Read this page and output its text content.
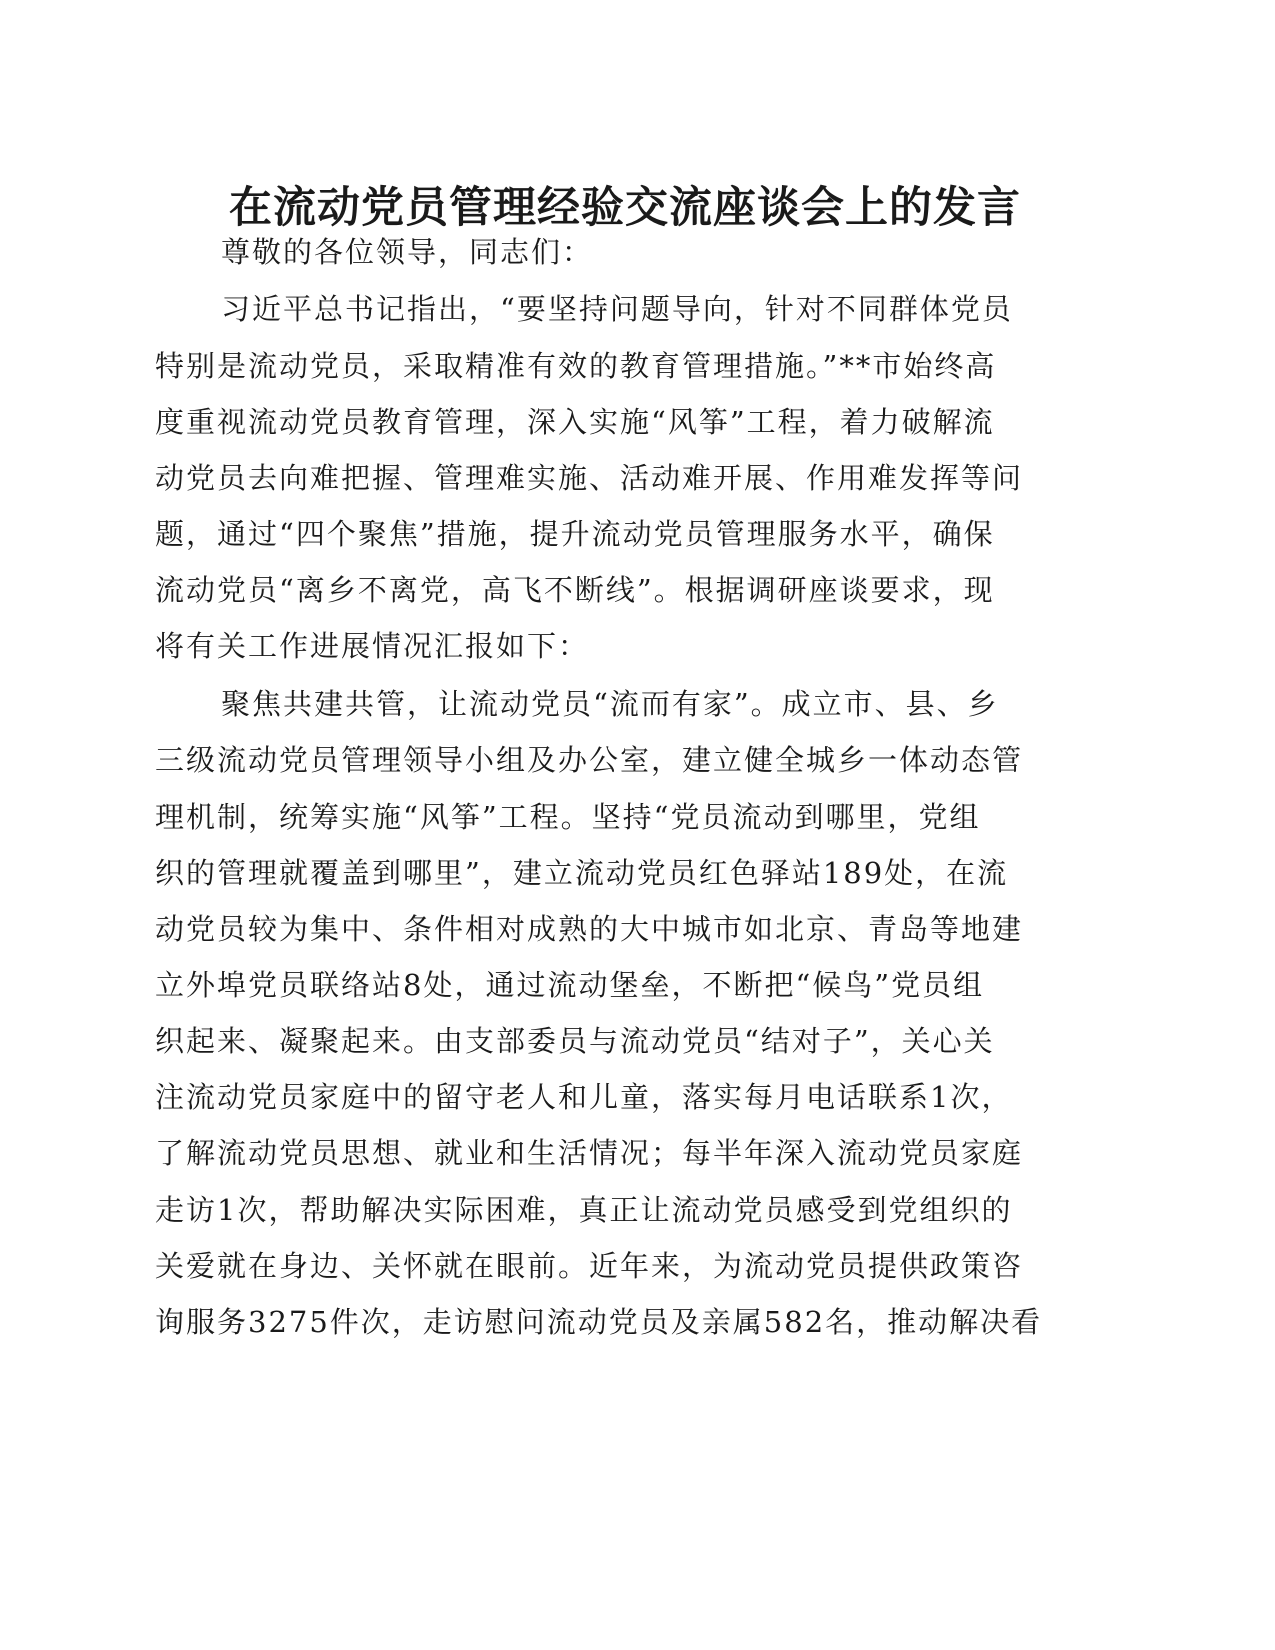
在流动党员管理经验交流座谈会上的发言
尊敬的各位领导，同志们：
习近平总书记指出，“要坚持问题导向，针对不同群体党员
特别是流动党员，采取精准有效的教育管理措施。”**市始终高
度重视流动党员教育管理，深入实施“风筝”工程，着力破解流
动党员去向难把握、管理难实施、活动难开展、作用难发挥等问
题，通过“四个聚焦”措施，提升流动党员管理服务水平，确保
流动党员“离乡不离党，高飞不断线”。根据调研座谈要求，现
将有关工作进展情况汇报如下：
聚焦共建共管，让流动党员“流而有家”。成立市、县、乡
三级流动党员管理领导小组及办公室，建立健全城乡一体动态管
理机制，统筹实施“风筝”工程。坚持“党员流动到哪里，党组
织的管理就覆盖到哪里”，建立流动党员红色驿站189处，在流
动党员较为集中、条件相对成熟的大中城市如北京、青岛等地建
立外埠党员联络站8处，通过流动堡垒，不断把“候鸟”党员组
织起来、凝聚起来。由支部委员与流动党员“结对子”，关心关
注流动党员家庭中的留守老人和儿童，落实每月电话联系1次，
了解流动党员思想、就业和生活情况；每半年深入流动党员家庭
走访1次，帮助解决实际困难，真正让流动党员感受到党组织的
关爱就在身边、关怀就在眼前。近年来，为流动党员提供政策咨
询服务3275件次，走访慰问流动党员及亲属582名，推动解决看
